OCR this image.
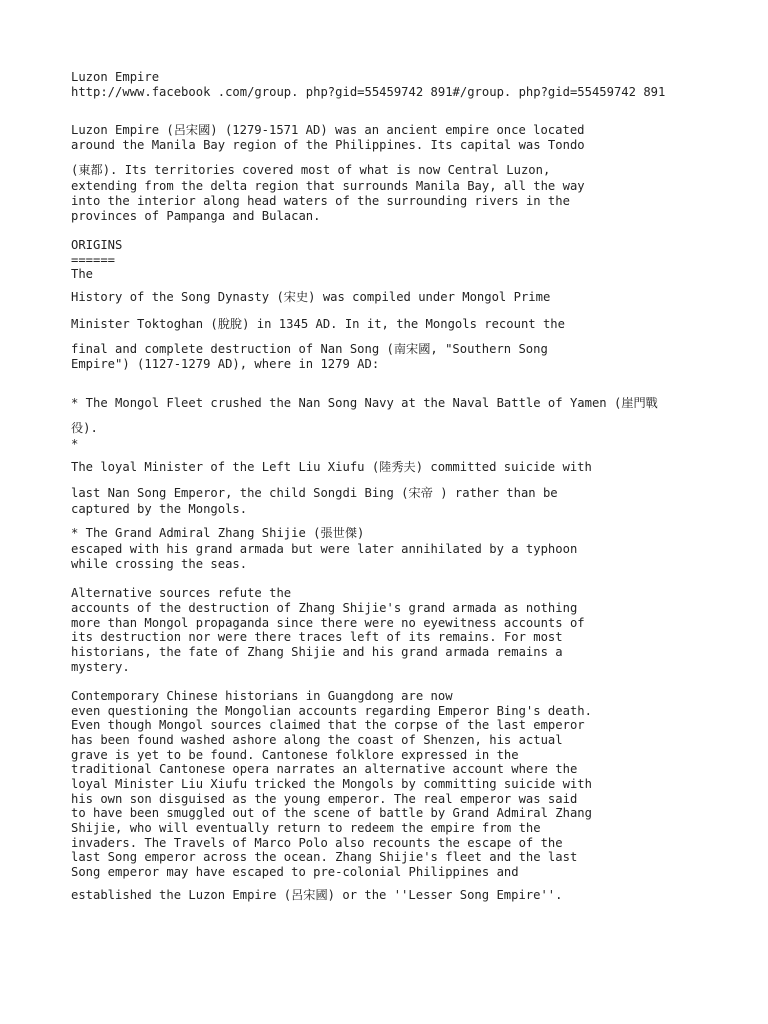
Luzon Empire

http://www.facebook .com/group. php?gid=55459742 891#/group. php?gid=55459742 891

Luzon Empire (呂宋國) (1279-1571 AD) was an ancient empire once located

around the Manila Bay region of the Philippines. Its capital was Tondo

(東都). Its territories covered most of what is now Central Luzon,

extending from the delta region that surrounds Manila Bay, all the way

into the interior along head waters of the surrounding rivers in the

provinces of Pampanga and Bulacan.

ORIGINS

======

The

History of the Song Dynasty (宋史) was compiled under Mongol Prime

Minister Toktoghan (脫脫) in 1345 AD. In it, the Mongols recount the

final and complete destruction of Nan Song (南宋國, "Southern Song

Empire") (1127-1279 AD), where in 1279 AD:

* The Mongol Fleet crushed the Nan Song Navy at the Naval Battle of Yamen (崖門戰

役).

*

The loyal Minister of the Left Liu Xiufu (陸秀夫) committed suicide with

last Nan Song Emperor, the child Songdi Bing (宋帝 ) rather than be

captured by the Mongols.

* The Grand Admiral Zhang Shijie (張世傑)

escaped with his grand armada but were later annihilated by a typhoon

while crossing the seas.

Alternative sources refute the

accounts of the destruction of Zhang Shijie's grand armada as nothing

more than Mongol propaganda since there were no eyewitness accounts of

its destruction nor were there traces left of its remains. For most

historians, the fate of Zhang Shijie and his grand armada remains a

mystery.

Contemporary Chinese historians in Guangdong are now

even questioning the Mongolian accounts regarding Emperor Bing's death.

Even though Mongol sources claimed that the corpse of the last emperor

has been found washed ashore along the coast of Shenzen, his actual

grave is yet to be found. Cantonese folklore expressed in the

traditional Cantonese opera narrates an alternative account where the

loyal Minister Liu Xiufu tricked the Mongols by committing suicide with

his own son disguised as the young emperor. The real emperor was said

to have been smuggled out of the scene of battle by Grand Admiral Zhang

Shijie, who will eventually return to redeem the empire from the

invaders. The Travels of Marco Polo also recounts the escape of the

last Song emperor across the ocean. Zhang Shijie's fleet and the last

Song emperor may have escaped to pre-colonial Philippines and

established the Luzon Empire (呂宋國) or the ''Lesser Song Empire''.
